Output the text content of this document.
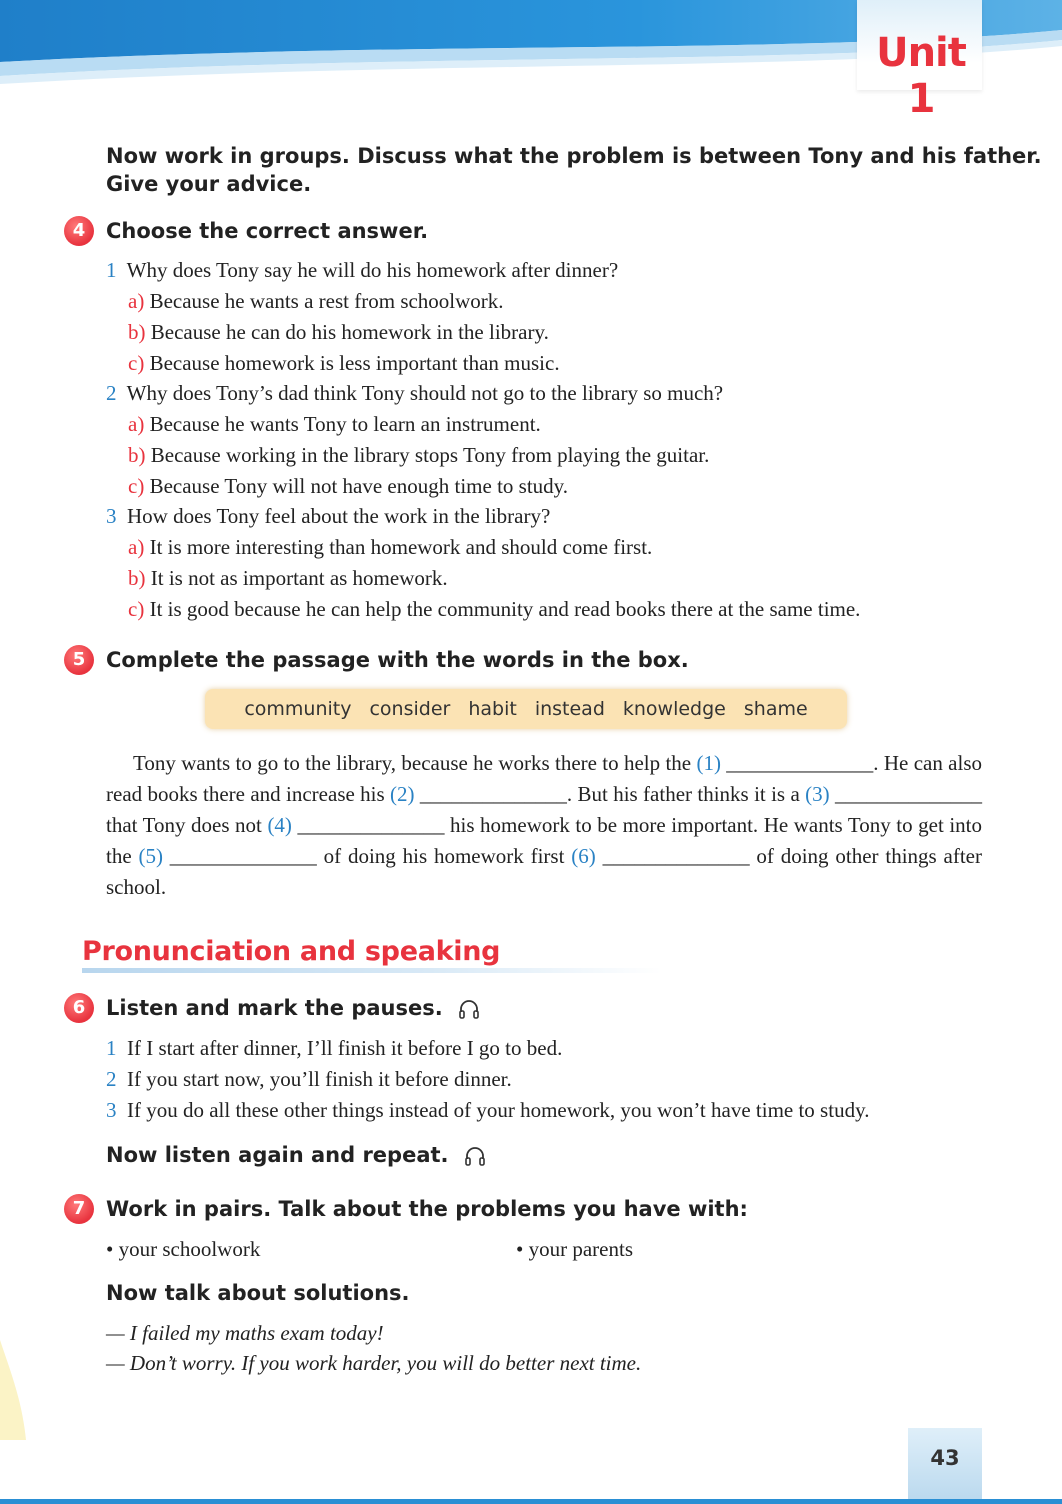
Unit 1
Now work in groups. Discuss what the problem is between Tony and his father.
Give your advice.
4 Choose the correct answer.
1 Why does Tony say he will do his homework after dinner?
a) Because he wants a rest from schoolwork.
b) Because he can do his homework in the library.
c) Because homework is less important than music.
2 Why does Tony’s dad think Tony should not go to the library so much?
a) Because he wants Tony to learn an instrument.
b) Because working in the library stops Tony from playing the guitar.
c) Because Tony will not have enough time to study.
3 How does Tony feel about the work in the library?
a) It is more interesting than homework and should come first.
b) It is not as important as homework.
c) It is good because he can help the community and read books there at the same time.
5 Complete the passage with the words in the box.
community consider habit instead knowledge shame
Tony wants to go to the library, because he works there to help the (1) ______________. He can also read books there and increase his (2) ______________. But his father thinks it is a (3) ______________ that Tony does not (4) ______________ his homework to be more important. He wants Tony to get into the (5) ______________ of doing his homework first (6) ______________ of doing other things after school.
Pronunciation and speaking
6 Listen and mark the pauses.
1 If I start after dinner, I’ll finish it before I go to bed.
2 If you start now, you’ll finish it before dinner.
3 If you do all these other things instead of your homework, you won’t have time to study.
Now listen again and repeat.
7 Work in pairs. Talk about the problems you have with:
• your schoolwork	• your parents
Now talk about solutions.
— I failed my maths exam today!
— Don’t worry. If you work harder, you will do better next time.
43
